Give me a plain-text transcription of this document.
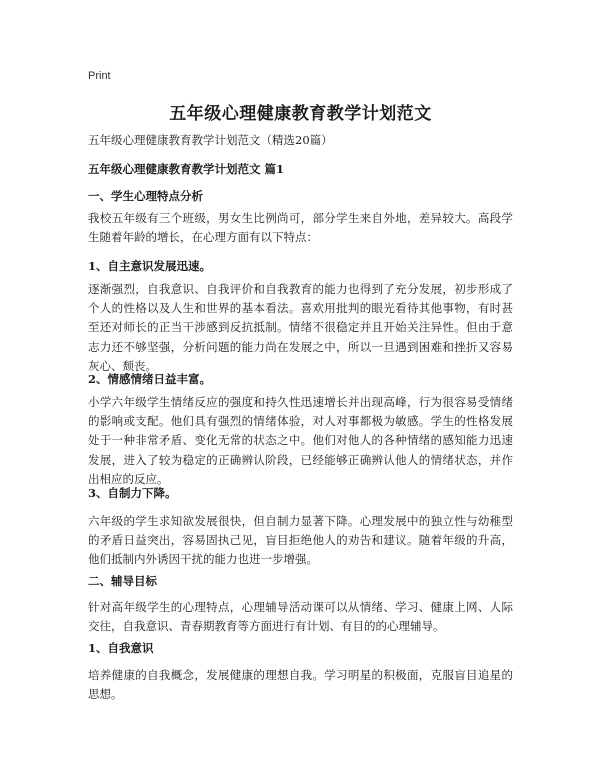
Print
五年级心理健康教育教学计划范文
五年级心理健康教育教学计划范文（精选20篇）
五年级心理健康教育教学计划范文 篇1
一、学生心理特点分析
我校五年级有三个班级，男女生比例尚可，部分学生来自外地，差异较大。高段学生随着年龄的增长，在心理方面有以下特点：
1、自主意识发展迅速。
逐渐强烈，自我意识、自我评价和自我教育的能力也得到了充分发展，初步形成了个人的性格以及人生和世界的基本看法。喜欢用批判的眼光看待其他事物，有时甚至还对师长的正当干涉感到反抗抵制。情绪不很稳定并且开始关注异性。但由于意志力还不够坚强，分析问题的能力尚在发展之中，所以一旦遇到困难和挫折又容易灰心、颓丧。
2、情感情绪日益丰富。
小学六年级学生情绪反应的强度和持久性迅速增长并出现高峰，行为很容易受情绪的影响或支配。他们具有强烈的情绪体验，对人对事都极为敏感。学生的性格发展处于一种非常矛盾、变化无常的状态之中。他们对他人的各种情绪的感知能力迅速发展，进入了较为稳定的正确辨认阶段，已经能够正确辨认他人的情绪状态，并作出相应的反应。
3、自制力下降。
六年级的学生求知欲发展很快，但自制力显著下降。心理发展中的独立性与幼稚型的矛盾日益突出，容易固执己见，盲目拒绝他人的劝告和建议。随着年级的升高，他们抵制内外诱因干扰的能力也进一步增强。
二、辅导目标
针对高年级学生的心理特点，心理辅导活动课可以从情绪、学习、健康上网、人际交往，自我意识、青春期教育等方面进行有计划、有目的的心理辅导。
1、自我意识
培养健康的自我概念，发展健康的理想自我。学习明星的积极面，克服盲目追星的思想。
